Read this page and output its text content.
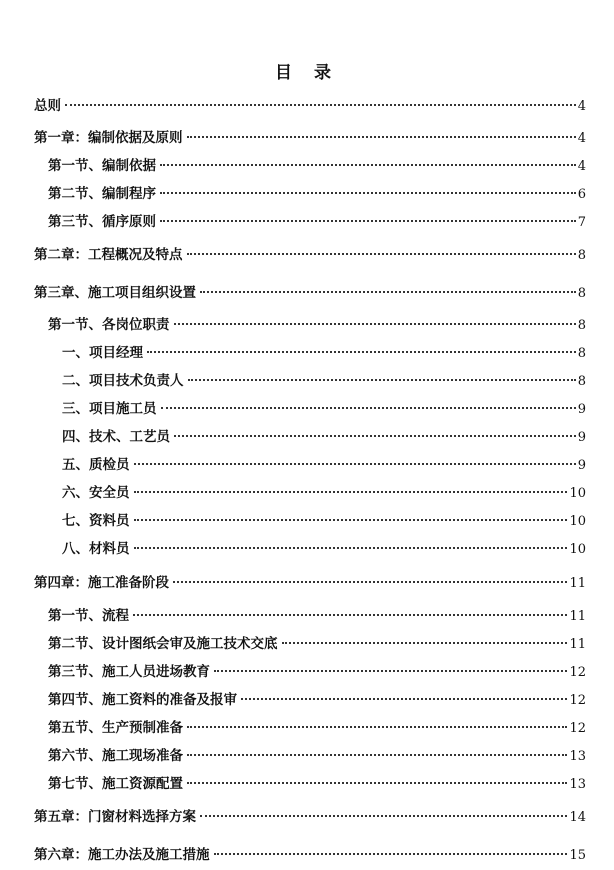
目 录
总则	4
第一章：编制依据及原则	4
第一节、编制依据	4
第二节、编制程序	6
第三节、循序原则	7
第二章：工程概况及特点	8
第三章、施工项目组织设置	8
第一节、各岗位职责	8
一、项目经理	8
二、项目技术负责人	8
三、项目施工员	9
四、技术、工艺员	9
五、质检员	9
六、安全员	10
七、资料员	10
八、材料员	10
第四章：施工准备阶段	11
第一节、流程	11
第二节、设计图纸会审及施工技术交底	11
第三节、施工人员进场教育	12
第四节、施工资料的准备及报审	12
第五节、生产预制准备	12
第六节、施工现场准备	13
第七节、施工资源配置	13
第五章：门窗材料选择方案	14
第六章：施工办法及施工措施	15
